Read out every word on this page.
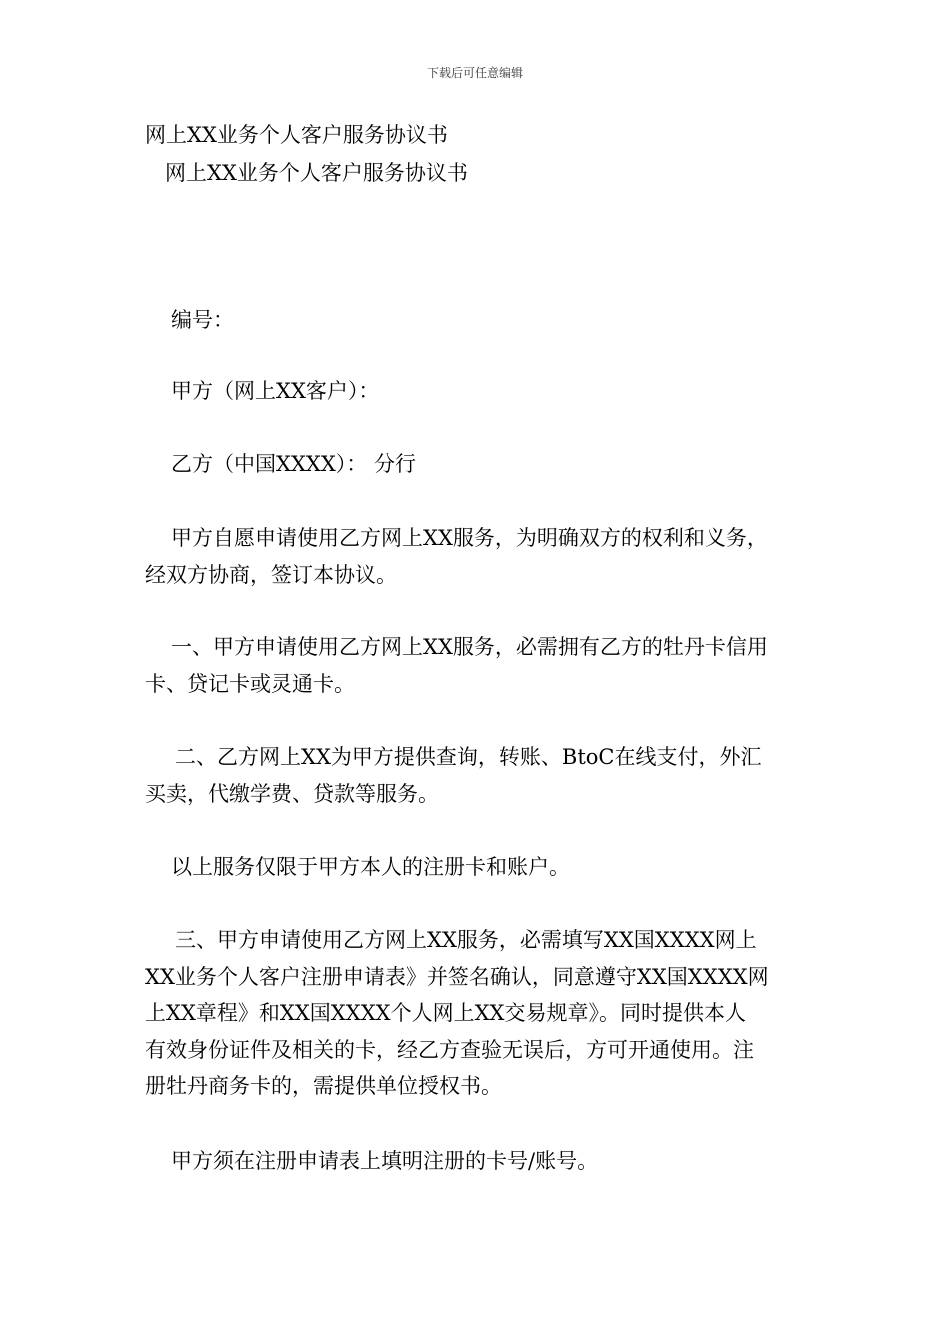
下载后可任意编辑
网上XX业务个人客户服务协议书
网上XX业务个人客户服务协议书
编号：
甲方（网上XX客户）：
乙方（中国XXXX）： 分行
甲方自愿申请使用乙方网上XX服务，为明确双方的权利和义务，
经双方协商，签订本协议。
一、甲方申请使用乙方网上XX服务，必需拥有乙方的牡丹卡信用
卡、贷记卡或灵通卡。
二、乙方网上XX为甲方提供查询，转账、BtoC在线支付，外汇
买卖，代缴学费、贷款等服务。
以上服务仅限于甲方本人的注册卡和账户。
三、甲方申请使用乙方网上XX服务，必需填写XX国XXXX网上
XX业务个人客户注册申请表》并签名确认，同意遵守XX国XXXX网
上XX章程》和XX国XXXX个人网上XX交易规章》。同时提供本人
有效身份证件及相关的卡，经乙方查验无误后，方可开通使用。注
册牡丹商务卡的，需提供单位授权书。
甲方须在注册申请表上填明注册的卡号/账号。
